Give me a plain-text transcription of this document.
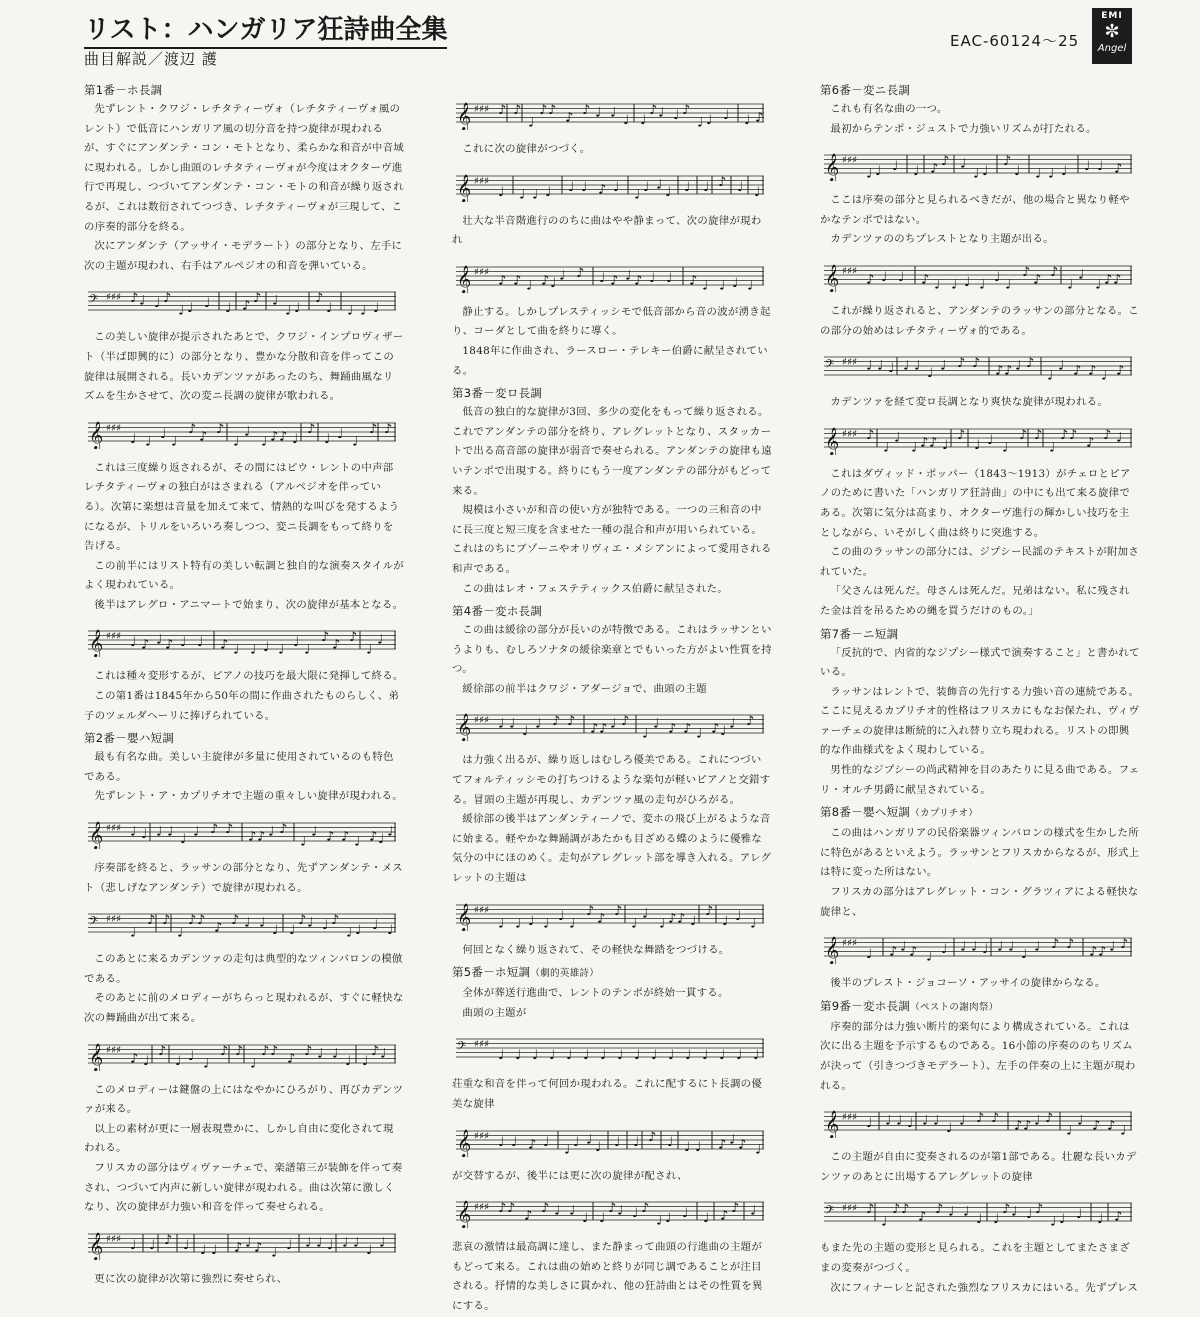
リスト：ハンガリア狂詩曲全集
曲目解説／渡辺 護
EAC-60124〜25
EMI
✼
Angel
第1番－ホ長調

先ずレント・クワジ・レチタティーヴォ（レチタティーヴォ風のレント）で低音にハンガリア風の切分音を持つ旋律が現われるが、すぐにアンダンテ・コン・モトとなり、柔らかな和音が中音域に現われる。しかし曲頭のレチタティーヴォが今度はオクターヴ進行で再現し、つづいてアンダンテ・コン・モトの和音が繰り返されるが、これは数衍されてつづき、レチタティーヴォが三現して、この序奏的部分を終る。

次にアンダンテ（アッサイ・モデラート）の部分となり、左手に次の主題が現われ、右手はアルペジオの和音を弾いている。

𝄢 ♯♯♯ ♪ ♩ ♩ ♪
♩ ♩ ♩ ♩ ♪ ♪ ♩
♩ ♩
♪
♩ ♩ ♩ ♩

この美しい旋律が提示されたあとで、クワジ・インプロヴィザート（半ば即興的に）の部分となり、豊かな分散和音を伴ってこの旋律は展開される。長いカデンツァがあったのち、舞踊曲風なリズムを生かさせて、次の変ニ長調の旋律が歌われる。

𝄞 ♯♯♯
♩ ♩ ♩ ♩
♪ ♪ ♪
♩
♩
♩ ♪ ♪ ♩
♪
♩ ♩ ♩
♪ ♪

これは三度繰り返されるが、その間にはピウ・レントの中声部レチタティーヴォの独白がはさまれる（アルペジオを伴っている）。次第に楽想は音量を加えて来て、情熱的な叫びを発するようになるが、トリルをいろいろ奏しつつ、変ニ長調をもって終りを告げる。

この前半にはリスト特有の美しい転調と独自的な演奏スタイルがよく現われている。

後半はアレグロ・アニマートで始まり、次の旋律が基本となる。

𝄞 ♯♯♯ ♩ ♪ ♩ ♪ ♩ ♩ ♪ ♩ ♩ ♩ ♩ ♩ ♩
♪ ♪ ♪
♩
♩

これは種々変形するが、ピアノの技巧を最大限に発揮して終る。

この第1番は1845年から50年の間に作曲されたものらしく、弟子のツェルダヘーリに捧げられている。

第2番－嬰ハ短調

最も有名な曲。美しい主旋律が多量に使用されているのも特色である。

先ずレント・ア・カプリチオで主題の重々しい旋律が現われる。

𝄞 ♯♯♯ ♩ ♩ ♩ ♩ ♩ ♩ ♪ ♪ ♪ ♪ ♩ ♪
♩
♩ ♪ ♪ ♩ ♪ ♩ ♩

序奏部を終ると、ラッサンの部分となり、先ずアンダンテ・メスト（悲しげなアンダンテ）で旋律が現われる。

𝄢 ♯♯♯
♩
♪ ♪
♩
♪ ♪ ♪ ♪ ♩ ♩ ♩ ♩
♪ ♩ ♩ ♪
♩ ♩ ♩ ♩

このあとに来るカデンツァの走句は典型的なツィンバロンの模倣である。

そのあとに前のメロディーがちらっと現われるが、すぐに軽快な次の舞踊曲が出て来る。

𝄞 ♯♯♯
♪ ♩
♪
♩ ♩ ♩
♪ ♪
♩
♪ ♪ ♪ ♪ ♩ ♩ ♩ ♩
♪ ♩

このメロディーは鍵盤の上にはなやかにひろがり、再びカデンツァが来る。

以上の素材が更に一層表現豊かに、しかし自由に変化されて現われる。

フリスカの部分はヴィヴァーチェで、楽譜第三が装飾を伴って奏され、つづいて内声に新しい旋律が現われる。曲は次第に激しくなり、次の旋律が力強い和音を伴って奏せられる。

𝄞 ♯♯♯ ♩ ♩ ♪ ♩ ♩ ♩ ♪ ♩ ♪ ♩ ♩ ♩ ♩ ♩ ♩ ♩ ♩ ♩

更に次の旋律が次第に強烈に奏せられ、

𝄞 ♯♯♯ ♪ ♪
♩
♪ ♪ ♪ ♪ ♩ ♩ ♩ ♩
♪ ♩ ♩ ♪
♩ ♩ ♩ ♩ ♪

これに次の旋律がつづく。

𝄞 ♯♯♯
♩ ♩ ♩ ♩ ♩ ♩ ♪ ♩ ♩ ♩ ♩ ♩ ♩ ♩ ♪ ♩ ♩

壮大な半音階進行ののちに曲はやや静まって、次の旋律が現われ

𝄞 ♯♯♯
♪ ♪ ♩ ♪ ♩ ♩ ♪ ♩ ♪ ♩ ♪ ♩ ♩ ♪ ♩ ♩ ♩ ♩

静止する。しかしプレスティッシモで低音部から音の波が湧き起り、コーダとして曲を終りに導く。

1848年に作曲され、ラースロー・テレキー伯爵に献呈されている。

第3番－変ロ長調

低音の独白的な旋律が3回、多少の変化をもって繰り返される。これでアンダンテの部分を終り、アレグレットとなり、スタッカートで出る高音部の旋律が弱音で奏せられる。アンダンテの旋律も遠いテンポで出現する。終りにもう一度アンダンテの部分がもどって来る。

規模は小さいが和音の使い方が独特である。一つの三和音の中に長三度と短三度を含ませた一種の混合和声が用いられている。これはのちにブゾーニやオリヴィエ・メシアンによって愛用される和声である。

この曲はレオ・フェステティックス伯爵に献呈された。

第4番－変ホ長調

この曲は緩徐の部分が長いのが特徴である。これはラッサンというよりも、むしろソナタの緩徐楽章とでもいった方がよい性質を持つ。

緩徐部の前半はクワジ・アダージョで、曲頭の主題

𝄞 ♯♯♯ ♩ ♩ ♩ ♩ ♪ ♪ ♪ ♪ ♩ ♪
♩
♩ ♪ ♪ ♩ ♪ ♩ ♩ ♪

は力強く出るが、繰り返しはむしろ優美である。これにつづいてフォルティッシモの打ちつけるような楽句が軽いピアノと交錯する。冒頭の主題が再現し、カデンツァ風の走句がひろがる。

緩徐部の後半はアンダンティーノで、変ホの飛び上がるような音に始まる。軽やかな舞踊調があたかも目ざめる蝶のように優雅な気分の中にほのめく。走句がアレグレット部を導き入れる。アレグレットの主題は

𝄞 ♯♯♯
♩ ♩ ♩ ♩ ♩ ♩
♪ ♪ ♪
♩
♩
♩ ♪ ♪ ♩
♪
♩ ♩ ♩

何回となく繰り返されて、その軽快な舞踏をつづける。

第5番－ホ短調（劇的英雄詩）

全体が葬送行進曲で、レントのテンポが終始一貫する。

曲頭の主題が

𝄢 ♯♯♯
♩ ♩ ♩ ♩ ♩ ♩ ♩ ♩ ♩ ♩ ♩ ♩ ♩ ♩ ♩ ♩

荘重な和音を伴って何回か現われる。これに配するにト長調の優美な旋律

𝄞 ♯♯♯ ♩ ♩ ♪ ♩ ♩ ♩ ♩ ♩ ♩ ♩ ♪ ♩ ♩ ♩ ♪ ♩ ♪ ♩

が交替するが、後半には更に次の旋律が配され、

𝄞 ♯♯♯ ♪ ♪ ♪ ♪ ♩ ♩ ♩ ♩
♪ ♩ ♩ ♪
♩ ♩ ♩ ♩ ♪ ♪ ♩

悲哀の激情は最高調に達し、また静まって曲頭の行進曲の主題がもどって来る。これは曲の始めと終りが同じ調であることが注目される。抒情的な美しさに貫かれ、他の狂詩曲とはその性質を異にする。

第6番－変ニ長調

これも有名な曲の一つ。

最初からテンポ・ジュストで力強いリズムが打たれる。

𝄞 ♯♯♯
♩ ♩ ♩ ♩ ♪ ♪ ♩
♩ ♩
♪
♩ ♩ ♩ ♩ ♩ ♩ ♪

ここは序奏の部分と見られるべきだが、他の場合と異なり軽やかなテンポではない。

カデンツァののちプレストとなり主題が出る。

𝄞 ♯♯♯
♪ ♩ ♩ ♪ ♩ ♩ ♩ ♩ ♩ ♩
♪ ♪ ♪
♩
♩
♩ ♪ ♪

これが繰り返されると、アンダンテのラッサンの部分となる。この部分の始めはレチタティーヴォ的である。

𝄢 ♯♯♯ ♩ ♩ ♩ ♩ ♩ ♩ ♩ ♪ ♪ ♪ ♪ ♩ ♪
♩
♩ ♪ ♪ ♩ ♪

カデンツァを経て変ロ長調となり爽快な旋律が現われる。

𝄞 ♯♯♯ ♪
♩
♩
♩ ♪ ♪ ♩
♪
♩ ♩ ♩
♪ ♪
♩
♪ ♪ ♪ ♪ ♩

これはダヴィッド・ポッパー（1843〜1913）がチェロとピアノのために書いた「ハンガリア狂詩曲」の中にも出て来る旋律である。次第に気分は高まり、オクターヴ進行の輝かしい技巧を主としながら、いそがしく曲は終りに突進する。

この曲のラッサンの部分には、ジプシー民謡のテキストが附加されていた。

「父さんは死んだ。母さんは死んだ。兄弟はない。私に残された金は首を吊るための縄を買うだけのもの。」

第7番－ニ短調

「反抗的で、内省的なジプシー様式で演奏すること」と書かれている。

ラッサンはレントで、装飾音の先行する力強い音の連続である。ここに見えるカプリチオ的性格はフリスカにもなお保たれ、ヴィヴァーチェの旋律は断続的に入れ替り立ち現われる。リストの即興的な作曲様式をよく現わしている。

男性的なジプシーの尚武精神を目のあたりに見る曲である。フェリ・オルチ男爵に献呈されている。

第8番－嬰ヘ短調（カプリチオ）

この曲はハンガリアの民俗楽器ツィンバロンの様式を生かした所に特色があるといえよう。ラッサンとフリスカからなるが、形式上は特に変った所はない。

フリスカの部分はアレグレット・コン・グラツィアによる軽快な旋律と、

𝄞 ♯♯♯
♩ ♪ ♩ ♪ ♩ ♩ ♩ ♩ ♩ ♩ ♩ ♩ ♩ ♪ ♪ ♪ ♪ ♩ ♪

後半のプレスト・ジョコーソ・アッサイの旋律からなる。

第9番－変ホ長調（ペストの謝肉祭）

序奏的部分は力強い断片的楽句により構成されている。これは次に出る主題を予示するものである。16小節の序奏ののちリズムが決って（引きつづきモデラート）、左手の伴奏の上に主題が現われる。

𝄞 ♯♯♯ ♩ ♩ ♩ ♩ ♩ ♩ ♩ ♩ ♪ ♪ ♪ ♪ ♩ ♪
♩
♩ ♪ ♪ ♩

この主題が自由に変奏されるのが第1部である。壮麗な長いカデンツァのあとに出場するアレグレットの旋律

𝄢 ♯♯♯ ♪
♩
♪ ♪ ♪ ♪ ♩ ♩ ♩ ♩
♪ ♩ ♩ ♪
♩ ♩ ♩ ♩ ♪

もまた先の主題の変形と見られる。これを主題としてまたさまざまの変奏がつづく。

次にフィナーレと記された強烈なフリスカにはいる。先ずプレス
